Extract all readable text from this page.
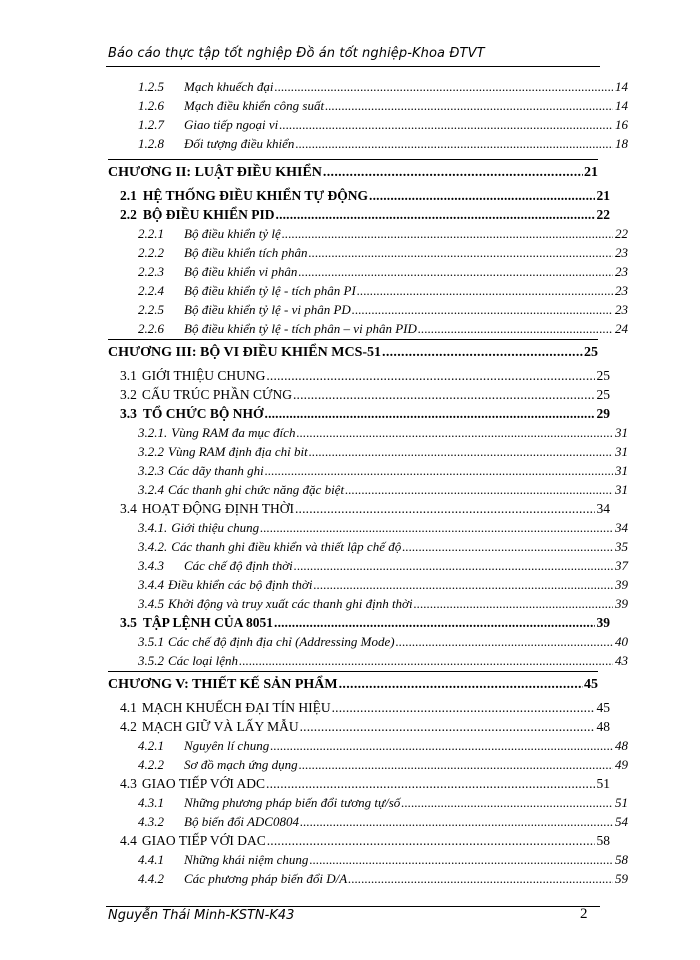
Báo cáo thực tập tốt nghiệp Đồ án tốt nghiệp-Khoa ĐTVT
1.2.5	Mạch khuếch đại . . .	14
1.2.6	Mạch điều khiển công suất . . .	14
1.2.7	Giao tiếp ngoại vi . . .	16
1.2.8	Đối tượng điều khiển . . .	18
CHƯƠNG II: LUẬT ĐIỀU KHIỂN . . .	21
2.1 HỆ THỐNG ĐIỀU KHIỂN TỰ ĐỘNG . . .	21
2.2 BỘ ĐIỀU KHIỂN PID . . .	22
2.2.1	Bộ điều khiển tỷ lệ . . .	22
2.2.2	Bộ điều khiển tích phân . . .	23
2.2.3	Bộ điều khiển vi phân . . .	23
2.2.4	Bộ điều khiển tỷ lệ - tích phân PI . . .	23
2.2.5	Bộ điều khiển tỷ lệ - vi phân PD . . .	23
2.2.6	Bộ điều khiển tỷ lệ - tích phân – vi phân PID . . .	24
CHƯƠNG III: BỘ VI ĐIỀU KHIỂN MCS-51 . . .	25
3.1 GIỚI THIỆU CHUNG . . .	25
3.2 CẤU TRÚC PHẦN CỨNG . . .	25
3.3 TỔ CHỨC BỘ NHỚ . . .	29
3.2.1. Vùng RAM đa mục đích . . .	31
3.2.2 Vùng RAM định địa chỉ bit . . .	31
3.2.3 Các dãy thanh ghi . . .	31
3.2.4 Các thanh ghi chức năng đặc biệt . . .	31
3.4 HOẠT ĐỘNG ĐỊNH THỜI . . .	34
3.4.1. Giới thiệu chung . . .	34
3.4.2. Các thanh ghi điều khiển và thiết lập chế độ . . .	35
3.4.3	Các chế độ định thời . . .	37
3.4.4 Điều khiển các bộ định thời . . .	39
3.4.5 Khởi động và truy xuất các thanh ghi định thời . . .	39
3.5 TẬP LỆNH CỦA 8051 . . .	39
3.5.1 Các chế độ định địa chỉ (Addressing Mode) . . .	40
3.5.2 Các loại lệnh . . .	43
CHƯƠNG V: THIẾT KẾ SẢN PHẨM . . .	45
4.1 MẠCH KHUẾCH ĐẠI TÍN HIỆU . . .	45
4.2 MẠCH GIỮ VÀ LẤY MẪU . . .	48
4.2.1	Nguyên lí chung . . .	48
4.2.2	Sơ đồ mạch ứng dụng . . .	49
4.3 GIAO TIẾP VỚI ADC . . .	51
4.3.1	Những phương pháp biến đổi tương tự/số . . .	51
4.3.2	Bộ biến đổi ADC0804 . . .	54
4.4 GIAO TIẾP VỚI DAC . . .	58
4.4.1	Những khái niệm chung . . .	58
4.4.2	Các phương pháp biến đổi D/A . . .	59
Nguyễn Thái Minh-KSTN-K43	2
